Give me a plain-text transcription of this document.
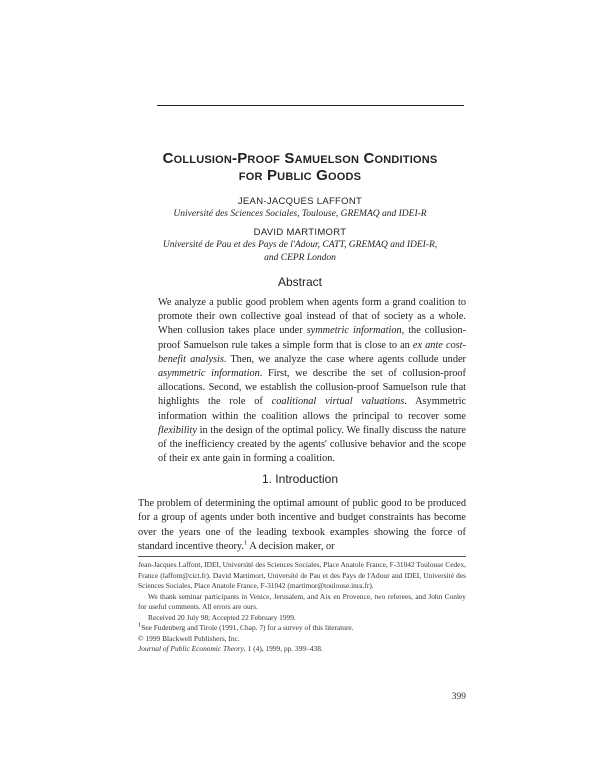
Collusion-Proof Samuelson Conditions
for Public Goods
JEAN-JACQUES LAFFONT
Université des Sciences Sociales, Toulouse, GREMAQ and IDEI-R
DAVID MARTIMORT
Université de Pau et des Pays de l'Adour, CATT, GREMAQ and IDEI-R,
and CEPR London
Abstract
We analyze a public good problem when agents form a grand coalition to promote their own collective goal instead of that of society as a whole. When collusion takes place under symmetric information, the collusion-proof Samuelson rule takes a simple form that is close to an ex ante cost-benefit analysis. Then, we analyze the case where agents collude under asymmetric information. First, we describe the set of collusion-proof allocations. Second, we establish the collusion-proof Samuelson rule that highlights the role of coalitional virtual valuations. Asymmetric information within the coalition allows the principal to recover some flexibility in the design of the optimal policy. We finally discuss the nature of the inefficiency created by the agents' collusive behavior and the scope of their ex ante gain in forming a coalition.
1. Introduction
The problem of determining the optimal amount of public good to be produced for a group of agents under both incentive and budget constraints has become over the years one of the leading texbook examples showing the force of standard incentive theory.$^1$ A decision maker, or

Jean-Jacques Laffont, IDEI, Université des Sciences Sociales, Place Anatole France, F-31042 Toulouse Cedex, France (laffont@cict.fr). David Martimort, Université de Pau et des Pays de l'Adour and IDEI, Université des Sciences Sociales, Place Anatole France, F-31042 (martimor@toulouse.inra.fr).

We thank seminar participants in Venice, Jerusalem, and Aix en Provence, two referees, and John Conley for useful comments. All errors are ours.

Received 20 July 98; Accepted 22 February 1999.

$^1$See Fudenberg and Tirole (1991, Chap. 7) for a survey of this literature.

© 1999 Blackwell Publishers, Inc.

Journal of Public Economic Theory, 1 (4), 1999, pp. 399–438.

399
